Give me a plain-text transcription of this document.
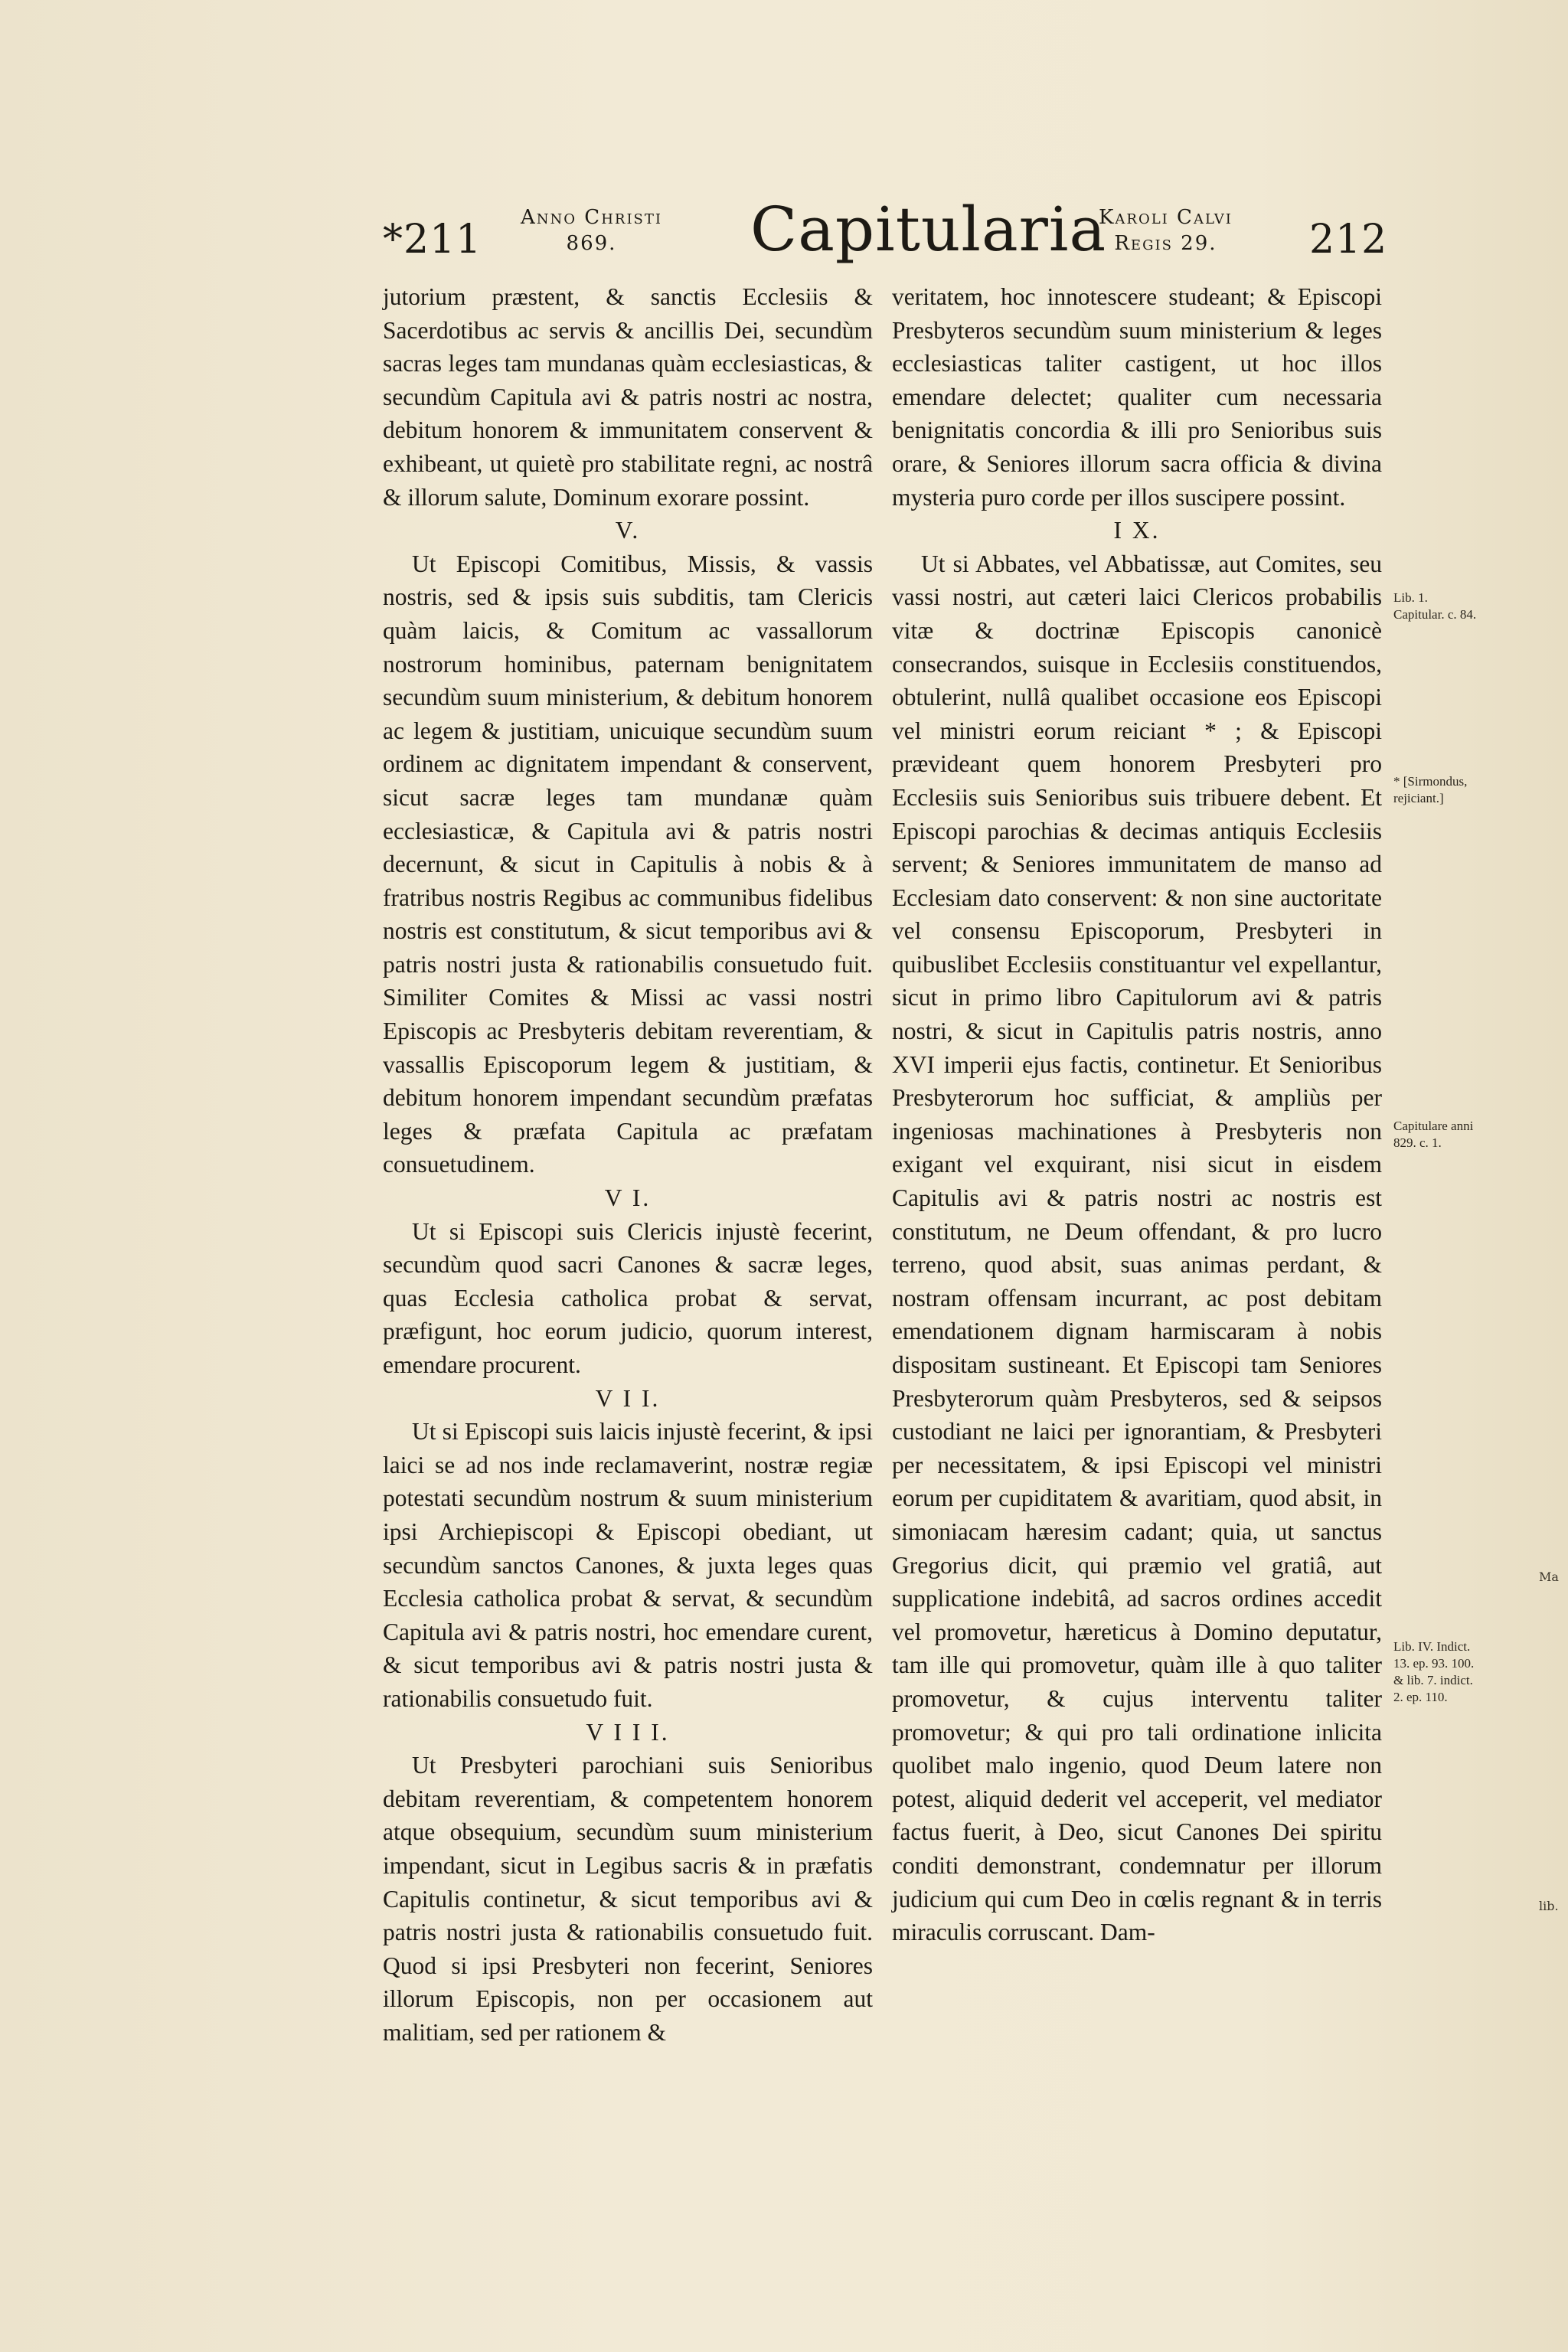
*211 Anno Christi
869.	Capitularia
Karoli Calvi
Regis 29.	212

jutorium præstent, & sanctis Ecclesiis & Sacerdotibus ac servis & ancillis Dei, secundùm sacras leges tam mundanas quàm ecclesiasticas, & secundùm Capitula avi & patris nostri ac nostra, debitum honorem & immunitatem conservent & exhibeant, ut quietè pro stabilitate regni, ac nostrâ & illorum salute, Dominum exorare possint.

V.

Ut Episcopi Comitibus, Missis, & vassis nostris, sed & ipsis suis subditis, tam Clericis quàm laicis, & Comitum ac vassallorum nostrorum hominibus, paternam benignitatem secundùm suum ministerium, & debitum honorem ac legem & justitiam, unicuique secundùm suum ordinem ac dignitatem impendant & conservent, sicut sacræ leges tam mundanæ quàm ecclesiasticæ, & Capitula avi & patris nostri decernunt, & sicut in Capitulis à nobis & à fratribus nostris Regibus ac communibus fidelibus nostris est constitutum, & sicut temporibus avi & patris nostri justa & rationabilis consuetudo fuit. Similiter Comites & Missi ac vassi nostri Episcopis ac Presbyteris debitam reverentiam, & vassallis Episcoporum legem & justitiam, & debitum honorem impendant secundùm præfatas leges & præfata Capitula ac præfatam consuetudinem.

V I.

Ut si Episcopi suis Clericis injustè fecerint, secundùm quod sacri Canones & sacræ leges, quas Ecclesia catholica probat & servat, præfigunt, hoc eorum judicio, quorum interest, emendare procurent.

V I I.

Ut si Episcopi suis laicis injustè fecerint, & ipsi laici se ad nos inde reclamaverint, nostræ regiæ potestati secundùm nostrum & suum ministerium ipsi Archiepiscopi & Episcopi obediant, ut secundùm sanctos Canones, & juxta leges quas Ecclesia catholica probat & servat, & secundùm Capitula avi & patris nostri, hoc emendare curent, & sicut temporibus avi & patris nostri justa & rationabilis consuetudo fuit.

V I I I.

Ut Presbyteri parochiani suis Senioribus debitam reverentiam, & competentem honorem atque obsequium, secundùm suum ministerium impendant, sicut in Legibus sacris & in præfatis Capitulis continetur, & sicut temporibus avi & patris nostri justa & rationabilis consuetudo fuit. Quod si ipsi Presbyteri non fecerint, Seniores illorum Episcopis, non per occasionem aut malitiam, sed per rationem &

veritatem, hoc innotescere studeant; & Episcopi Presbyteros secundùm suum ministerium & leges ecclesiasticas taliter castigent, ut hoc illos emendare delectet; qualiter cum necessaria benignitatis concordia & illi pro Senioribus suis orare, & Seniores illorum sacra officia & divina mysteria puro corde per illos suscipere possint.

I X.

Ut si Abbates, vel Abbatissæ, aut Comites, seu vassi nostri, aut cæteri laici Clericos probabilis vitæ & doctrinæ Episcopis canonicè consecrandos, suisque in Ecclesiis constituendos, obtulerint, nullâ qualibet occasione eos Episcopi vel ministri eorum reiciant * ; & Episcopi prævideant quem honorem Presbyteri pro Ecclesiis suis Senioribus suis tribuere debent. Et Episcopi parochias & decimas antiquis Ecclesiis servent; & Seniores immunitatem de manso ad Ecclesiam dato conservent: & non sine auctoritate vel consensu Episcoporum, Presbyteri in quibuslibet Ecclesiis constituantur vel expellantur, sicut in primo libro Capitulorum avi & patris nostri, & sicut in Capitulis patris nostris, anno XVI imperii ejus factis, continetur. Et Senioribus Presbyterorum hoc sufficiat, & ampliùs per ingeniosas machinationes à Presbyteris non exigant vel exquirant, nisi sicut in eisdem Capitulis avi & patris nostri ac nostris est constitutum, ne Deum offendant, & pro lucro terreno, quod absit, suas animas perdant, & nostram offensam incurrant, ac post debitam emendationem dignam harmiscaram à nobis dispositam sustineant. Et Episcopi tam Seniores Presbyterorum quàm Presbyteros, sed & seipsos custodiant ne laici per ignorantiam, & Presbyteri per necessitatem, & ipsi Episcopi vel ministri eorum per cupiditatem & avaritiam, quod absit, in simoniacam hæresim cadant; quia, ut sanctus Gregorius dicit, qui præmio vel gratiâ, aut supplicatione indebitâ, ad sacros ordines accedit vel promovetur, hæreticus à Domino deputatur, tam ille qui promovetur, quàm ille à quo taliter promovetur, & cujus interventu taliter promovetur; & qui pro tali ordinatione inlicita quolibet malo ingenio, quod Deum latere non potest, aliquid dederit vel acceperit, vel mediator factus fuerit, à Deo, sicut Canones Dei spiritu conditi demonstrant, condemnatur per illorum judicium qui cum Deo in cœlis regnant & in terris miraculis corruscant. Dam-

Lib. 1. Capitular. c. 84.
* [Sirmondus, rejiciant.]
Capitulare anni 829. c. 1.
Lib. IV. Indict. 13. ep. 93. 100. & lib. 7. indict. 2. ep. 110.
Ma
lib.
